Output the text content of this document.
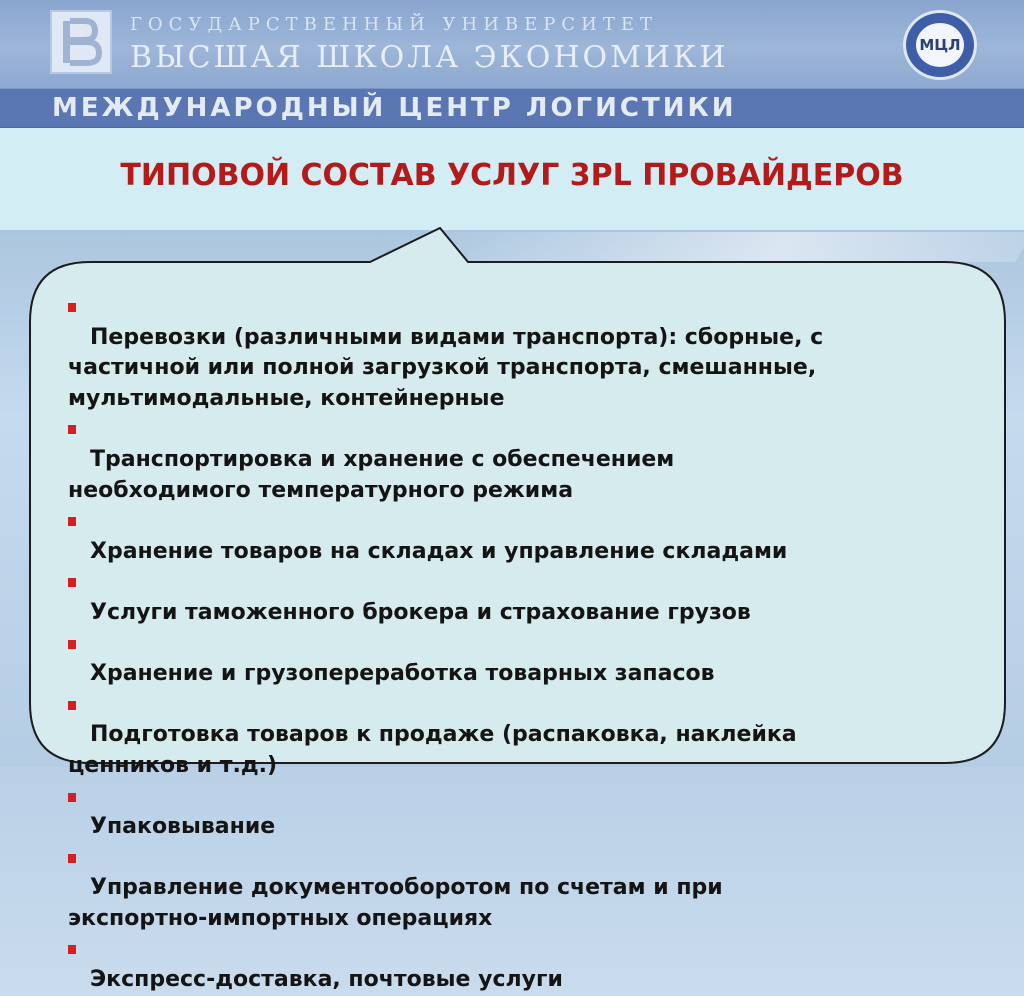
ГОСУДАРСТВЕННЫЙ УНИВЕРСИТЕТ
ВЫСШАЯ ШКОЛА ЭКОНОМИКИ	МЦЛ
МЕЖДУНАРОДНЫЙ ЦЕНТР ЛОГИСТИКИ
ТИПОВОЙ СОСТАВ УСЛУГ 3PL ПРОВАЙДЕРОВ

Перевозки (различными видами транспорта): сборные, с
частичной или полной загрузкой транспорта, смешанные,
мультимодальные, контейнерные

Транспортировка и хранение с обеспечением
необходимого температурного режима

Хранение товаров на складах и управление складами

Услуги таможенного брокера и страхование грузов

Хранение и грузопереработка товарных запасов

Подготовка товаров к продаже (распаковка, наклейка
ценников и т.д.)

Упаковывание

Управление документооборотом по счетам и при
экспортно-импортных операциях

Экспресс-доставка, почтовые услуги
